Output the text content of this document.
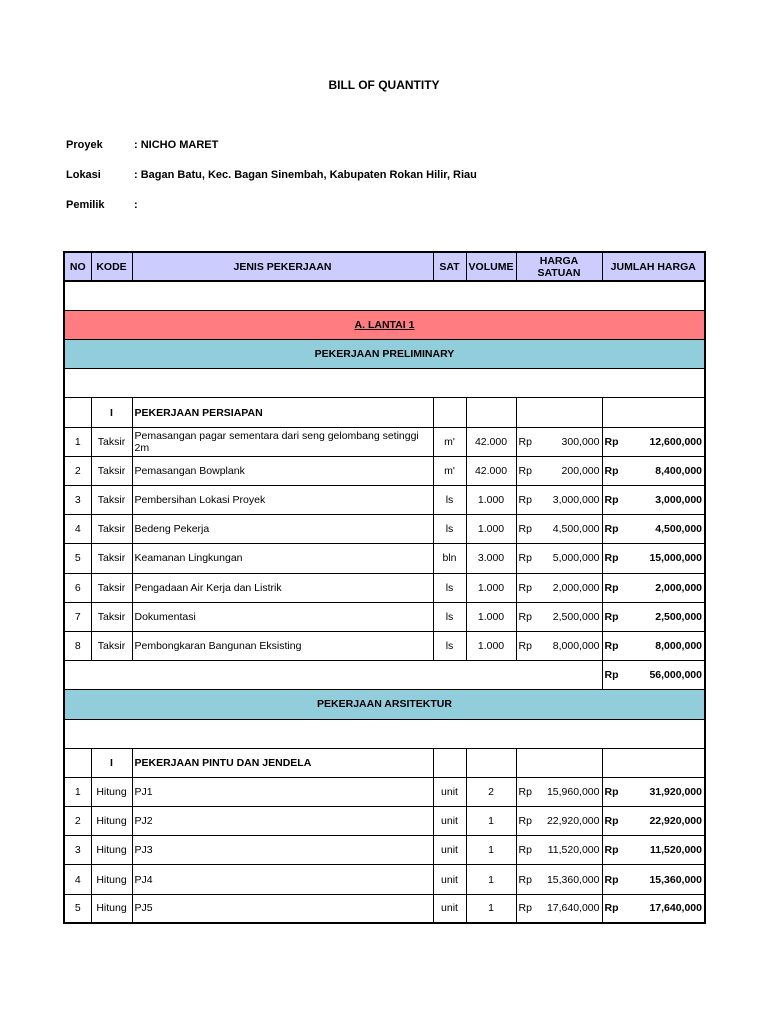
BILL OF QUANTITY
Proyek	: NICHO MARET
Lokasi	: Bagan Batu, Kec. Bagan Sinembah, Kabupaten Rokan Hilir, Riau
Pemilik	:
NO	KODE	JENIS PEKERJAAN	SAT	VOLUME	HARGA SATUAN	JUMLAH HARGA

A. LANTAI 1						
PEKERJAAN PRELIMINARY						

	I	PEKERJAAN PERSIAPAN				
1	Taksir	Pemasangan pagar sementara dari seng gelombang setinggi 2m	m'	42.000	Rp 300,000	Rp 12,600,000

2	Taksir	Pemasangan Bowplank	m'	42.000	Rp 200,000	Rp 8,400,000

3	Taksir	Pembersihan Lokasi Proyek	ls	1.000	Rp 3,000,000	Rp 3,000,000

4	Taksir	Bedeng Pekerja	ls	1.000	Rp 4,500,000	Rp 4,500,000

5	Taksir	Keamanan Lingkungan	bln	3.000	Rp 5,000,000	Rp 15,000,000

6	Taksir	Pengadaan Air Kerja dan Listrik	ls	1.000	Rp 2,000,000	Rp 2,000,000

7	Taksir	Dokumentasi	ls	1.000	Rp 2,500,000	Rp 2,500,000

8	Taksir	Pembongkaran Bangunan Eksisting	ls	1.000	Rp 8,000,000	Rp 8,000,000

						Rp 56,000,000

PEKERJAAN ARSITEKTUR						

	I	PEKERJAAN PINTU DAN JENDELA				
1	Hitung	PJ1	unit	2	Rp 15,960,000	Rp 31,920,000

2	Hitung	PJ2	unit	1	Rp 22,920,000	Rp 22,920,000

3	Hitung	PJ3	unit	1	Rp 11,520,000	Rp 11,520,000

4	Hitung	PJ4	unit	1	Rp 15,360,000	Rp 15,360,000

5	Hitung	PJ5	unit	1	Rp 17,640,000	Rp 17,640,000
